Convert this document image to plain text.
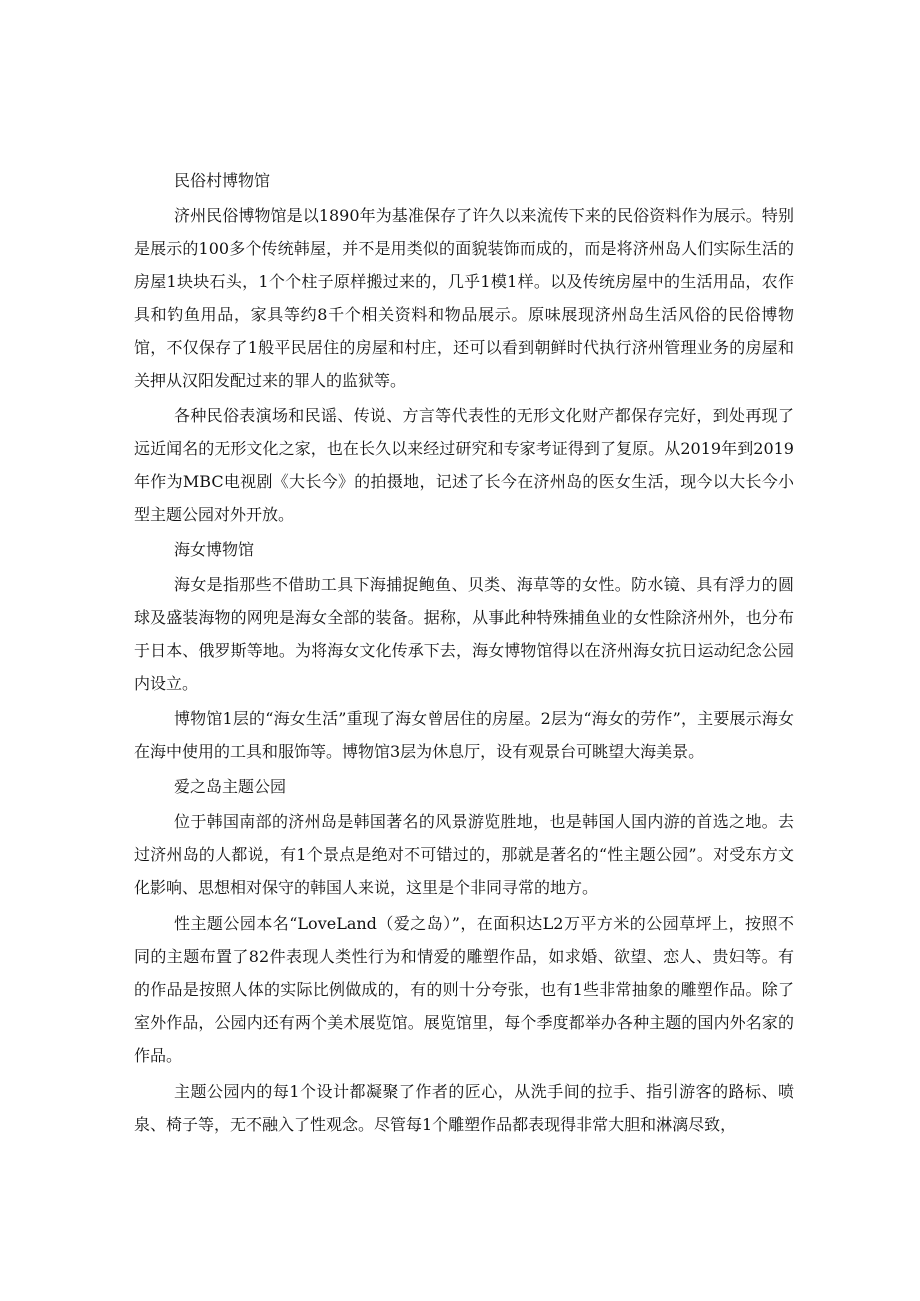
民俗村博物馆

济州民俗博物馆是以1890年为基准保存了许久以来流传下来的民俗资料作为展示。特别是展示的100多个传统韩屋，并不是用类似的面貌装饰而成的，而是将济州岛人们实际生活的房屋1块块石头，1个个柱子原样搬过来的，几乎1模1样。以及传统房屋中的生活用品，农作具和钓鱼用品，家具等约8千个相关资料和物品展示。原味展现济州岛生活风俗的民俗博物馆，不仅保存了1般平民居住的房屋和村庄，还可以看到朝鲜时代执行济州管理业务的房屋和关押从汉阳发配过来的罪人的监狱等。

各种民俗表演场和民谣、传说、方言等代表性的无形文化财产都保存完好，到处再现了远近闻名的无形文化之家，也在长久以来经过研究和专家考证得到了复原。从2019年到2019年作为MBC电视剧《大长今》的拍摄地，记述了长今在济州岛的医女生活，现今以大长今小型主题公园对外开放。

海女博物馆

海女是指那些不借助工具下海捕捉鲍鱼、贝类、海草等的女性。防水镜、具有浮力的圆球及盛装海物的网兜是海女全部的装备。据称，从事此种特殊捕鱼业的女性除济州外，也分布于日本、俄罗斯等地。为将海女文化传承下去，海女博物馆得以在济州海女抗日运动纪念公园内设立。

博物馆1层的“海女生活”重现了海女曾居住的房屋。2层为“海女的劳作”，主要展示海女在海中使用的工具和服饰等。博物馆3层为休息厅，设有观景台可眺望大海美景。

爱之岛主题公园

位于韩国南部的济州岛是韩国著名的风景游览胜地，也是韩国人国内游的首选之地。去过济州岛的人都说，有1个景点是绝对不可错过的，那就是著名的“性主题公园”。对受东方文化影响、思想相对保守的韩国人来说，这里是个非同寻常的地方。

性主题公园本名“LoveLand（爱之岛）”，在面积达L2万平方米的公园草坪上，按照不同的主题布置了82件表现人类性行为和情爱的雕塑作品，如求婚、欲望、恋人、贵妇等。有的作品是按照人体的实际比例做成的，有的则十分夸张，也有1些非常抽象的雕塑作品。除了室外作品，公园内还有两个美术展览馆。展览馆里，每个季度都举办各种主题的国内外名家的作品。

主题公园内的每1个设计都凝聚了作者的匠心，从洗手间的拉手、指引游客的路标、喷泉、椅子等，无不融入了性观念。尽管每1个雕塑作品都表现得非常大胆和淋漓尽致，
